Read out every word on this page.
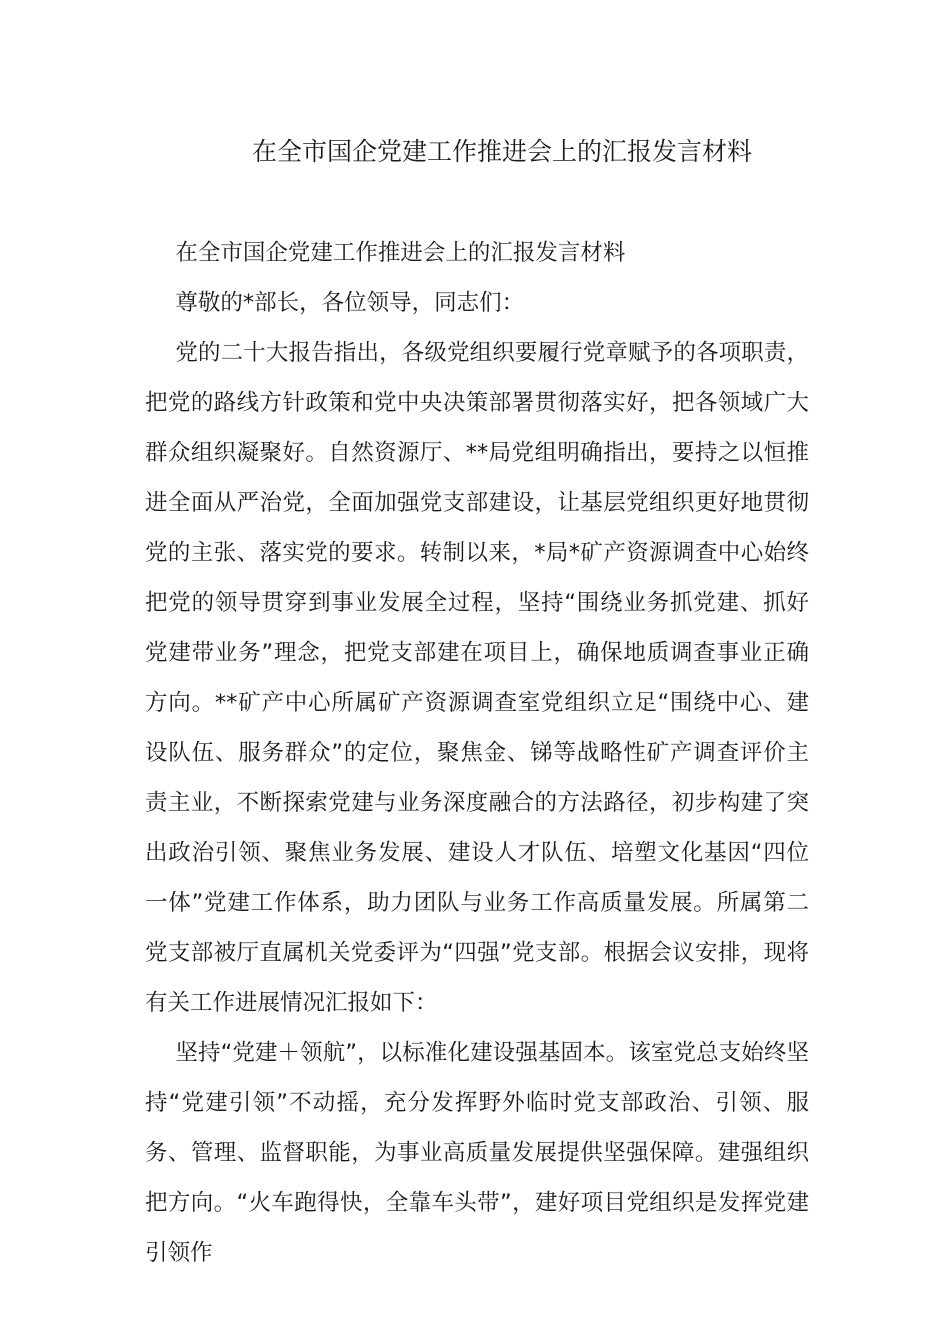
在全市国企党建工作推进会上的汇报发言材料

在全市国企党建工作推进会上的汇报发言材料

尊敬的*部长，各位领导，同志们：

党的二十大报告指出，各级党组织要履行党章赋予的各项职责，把党的路线方针政策和党中央决策部署贯彻落实好，把各领域广大群众组织凝聚好。自然资源厅、**局党组明确指出，要持之以恒推进全面从严治党，全面加强党支部建设，让基层党组织更好地贯彻党的主张、落实党的要求。转制以来，*局*矿产资源调查中心始终把党的领导贯穿到事业发展全过程，坚持“围绕业务抓党建、抓好党建带业务”理念，把党支部建在项目上，确保地质调查事业正确方向。**矿产中心所属矿产资源调查室党组织立足“围绕中心、建设队伍、服务群众”的定位，聚焦金、锑等战略性矿产调查评价主责主业，不断探索党建与业务深度融合的方法路径，初步构建了突出政治引领、聚焦业务发展、建设人才队伍、培塑文化基因“四位一体”党建工作体系，助力团队与业务工作高质量发展。所属第二党支部被厅直属机关党委评为“四强”党支部。根据会议安排，现将有关工作进展情况汇报如下：

坚持“党建＋领航”，以标准化建设强基固本。该室党总支始终坚持“党建引领”不动摇，充分发挥野外临时党支部政治、引领、服务、管理、监督职能，为事业高质量发展提供坚强保障。建强组织把方向。“火车跑得快，全靠车头带”，建好项目党组织是发挥党建引领作
